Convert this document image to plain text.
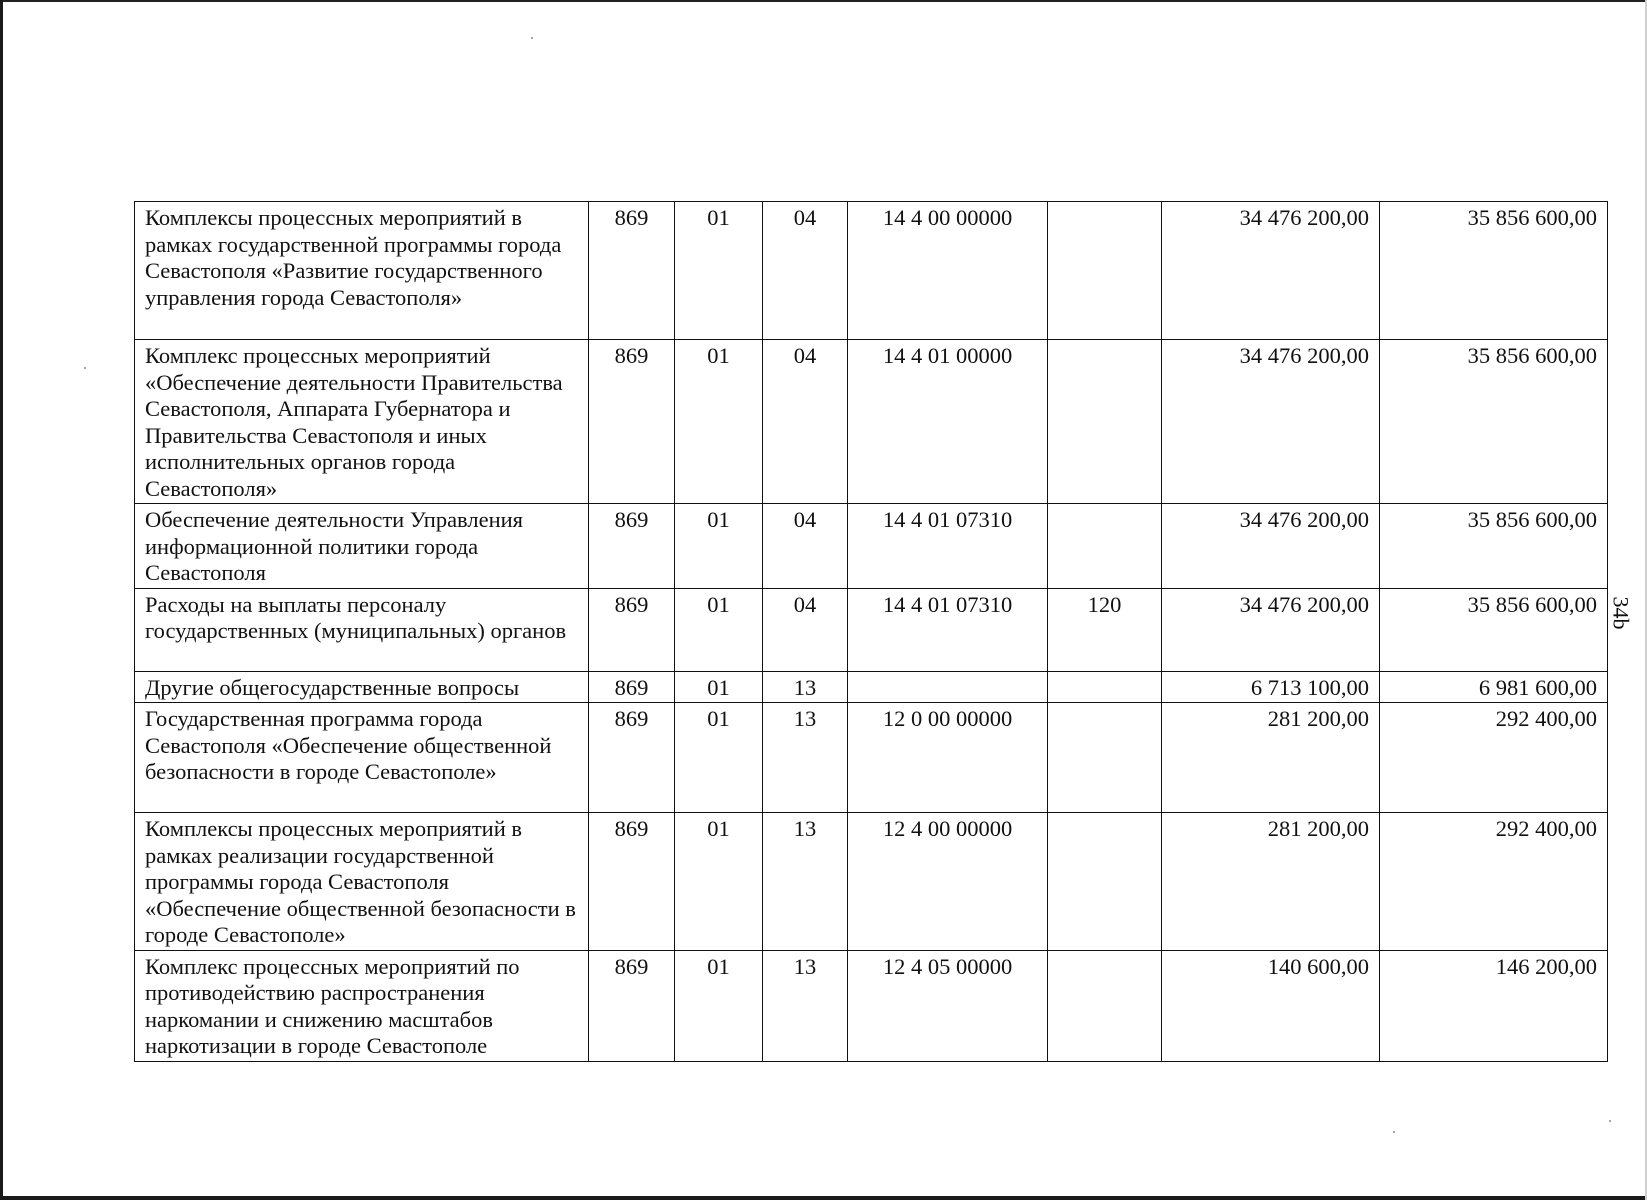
34b
Комплексы процессных мероприятий в рамках государственной программы города Севастополя «Развитие государственного управления города Севастополя»	869	01	04	14 4 00 00000		34 476 200,00	35 856 600,00
Комплекс процессных мероприятий «Обеспечение деятельности Правительства Севастополя, Аппарата Губернатора и Правительства Севастополя и иных исполнительных органов города Севастополя»	869	01	04	14 4 01 00000		34 476 200,00	35 856 600,00
Обеспечение деятельности Управления информационной политики города Севастополя	869	01	04	14 4 01 07310		34 476 200,00	35 856 600,00
Расходы на выплаты персоналу государственных (муниципальных) органов	869	01	04	14 4 01 07310	120	34 476 200,00	35 856 600,00
Другие общегосударственные вопросы	869	01	13			6 713 100,00	6 981 600,00
Государственная программа города Севастополя «Обеспечение общественной безопасности в городе Севастополе»	869	01	13	12 0 00 00000		281 200,00	292 400,00
Комплексы процессных мероприятий в рамках реализации государственной программы города Севастополя «Обеспечение общественной безопасности в городе Севастополе»	869	01	13	12 4 00 00000		281 200,00	292 400,00
Комплекс процессных мероприятий по противодействию распространения наркомании и снижению масштабов наркотизации в городе Севастополе	869	01	13	12 4 05 00000		140 600,00	146 200,00
